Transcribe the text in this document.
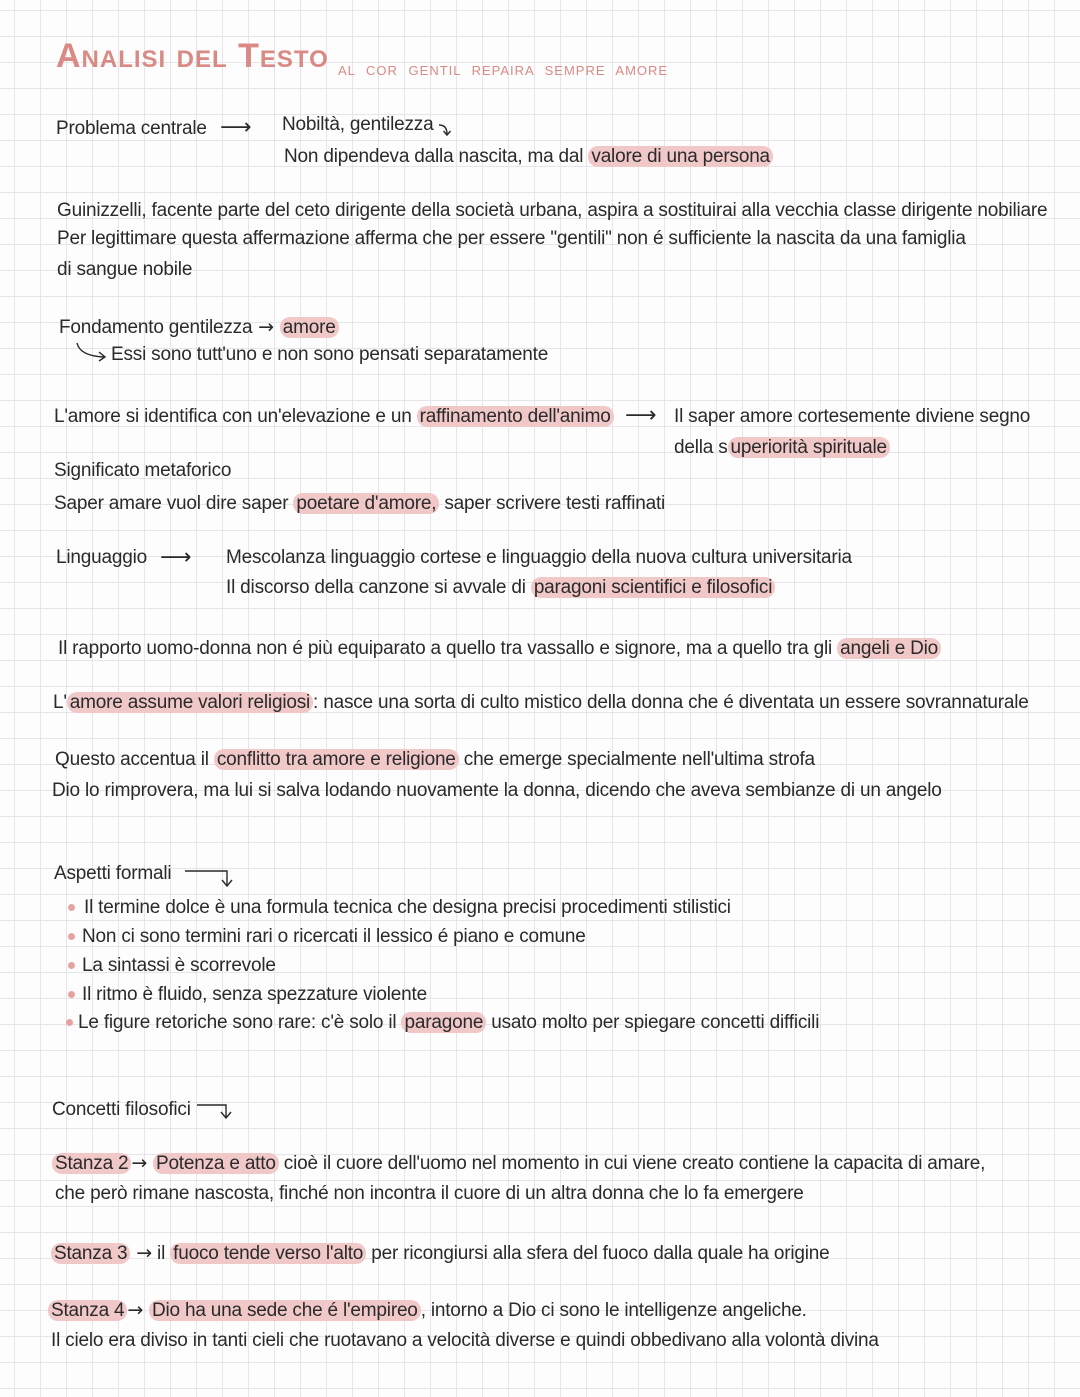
Analisi del Testo AL COR GENTIL REPAIRA SEMPRE AMORE
Problema centrale ⟶ Nobiltà, gentilezza
Non dipendeva dalla nascita, ma dal valore di una persona
Guinizzelli, facente parte del ceto dirigente della società urbana, aspira a sostituirai alla vecchia classe dirigente nobiliare
Per legittimare questa affermazione afferma che per essere "gentili" non é sufficiente la nascita da una famiglia
di sangue nobile
Fondamento gentilezza → amore
Essi sono tutt'uno e non sono pensati separatamente
L'amore si identifica con un'elevazione e un raffinamento dell'animo ⟶ Il saper amore cortesemente diviene segno
della s uperiorità spirituale
Significato metaforico
Saper amare vuol dire saper poetare d'amore, saper scrivere testi raffinati
Linguaggio ⟶ Mescolanza linguaggio cortese e linguaggio della nuova cultura universitaria
Il discorso della canzone si avvale di paragoni scientifici e filosofici
Il rapporto uomo-donna non é più equiparato a quello tra vassallo e signore, ma a quello tra gli angeli e Dio
L' amore assume valori religiosi : nasce una sorta di culto mistico della donna che é diventata un essere sovrannaturale
Questo accentua il conflitto tra amore e religione che emerge specialmente nell'ultima strofa
Dio lo rimprovera, ma lui si salva lodando nuovamente la donna, dicendo che aveva sembianze di un angelo
Aspetti formali
Il termine dolce è una formula tecnica che designa precisi procedimenti stilistici
Non ci sono termini rari o ricercati il lessico é piano e comune
La sintassi è scorrevole
Il ritmo è fluido, senza spezzature violente
Le figure retoriche sono rare: c'è solo il paragone usato molto per spiegare concetti difficili
Concetti filosofici
Stanza 2 → Potenza e atto cioè il cuore dell'uomo nel momento in cui viene creato contiene la capacita di amare,
che però rimane nascosta, finché non incontra il cuore di un altra donna che lo fa emergere
Stanza 3 → il fuoco tende verso l'alto per ricongiursi alla sfera del fuoco dalla quale ha origine
Stanza 4 → Dio ha una sede che é l'empireo , intorno a Dio ci sono le intelligenze angeliche.
Il cielo era diviso in tanti cieli che ruotavano a velocità diverse e quindi obbedivano alla volontà divina
